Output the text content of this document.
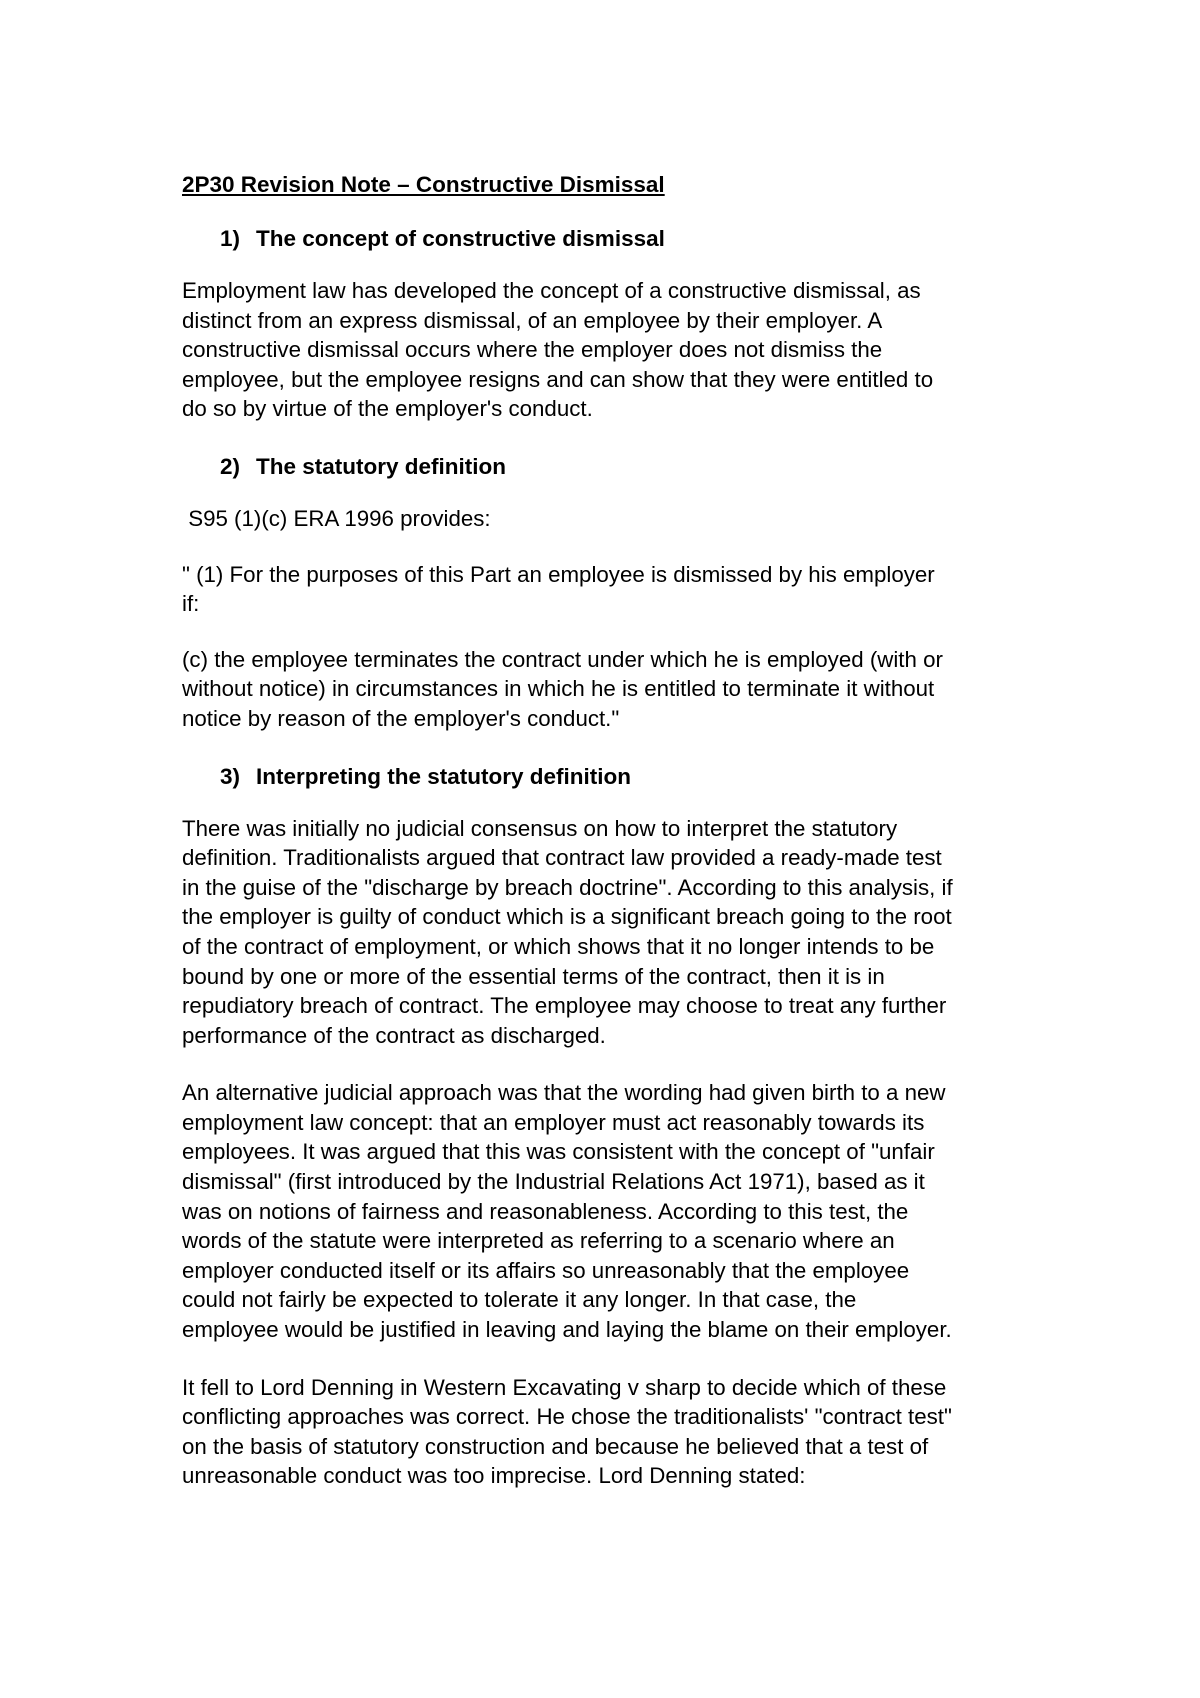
2P30 Revision Note – Constructive Dismissal
1) The concept of constructive dismissal
Employment law has developed the concept of a constructive dismissal, as
distinct from an express dismissal, of an employee by their employer. A
constructive dismissal occurs where the employer does not dismiss the
employee, but the employee resigns and can show that they were entitled to
do so by virtue of the employer's conduct.
2) The statutory definition
S95 (1)(c) ERA 1996 provides:
" (1) For the purposes of this Part an employee is dismissed by his employer
if:
(c) the employee terminates the contract under which he is employed (with or
without notice) in circumstances in which he is entitled to terminate it without
notice by reason of the employer's conduct."
3) Interpreting the statutory definition
There was initially no judicial consensus on how to interpret the statutory
definition. Traditionalists argued that contract law provided a ready-made test
in the guise of the "discharge by breach doctrine". According to this analysis, if
the employer is guilty of conduct which is a significant breach going to the root
of the contract of employment, or which shows that it no longer intends to be
bound by one or more of the essential terms of the contract, then it is in
repudiatory breach of contract. The employee may choose to treat any further
performance of the contract as discharged.
An alternative judicial approach was that the wording had given birth to a new
employment law concept: that an employer must act reasonably towards its
employees. It was argued that this was consistent with the concept of "unfair
dismissal" (first introduced by the Industrial Relations Act 1971), based as it
was on notions of fairness and reasonableness. According to this test, the
words of the statute were interpreted as referring to a scenario where an
employer conducted itself or its affairs so unreasonably that the employee
could not fairly be expected to tolerate it any longer. In that case, the
employee would be justified in leaving and laying the blame on their employer.
It fell to Lord Denning in Western Excavating v sharp to decide which of these
conflicting approaches was correct. He chose the traditionalists' "contract test"
on the basis of statutory construction and because he believed that a test of
unreasonable conduct was too imprecise. Lord Denning stated:
